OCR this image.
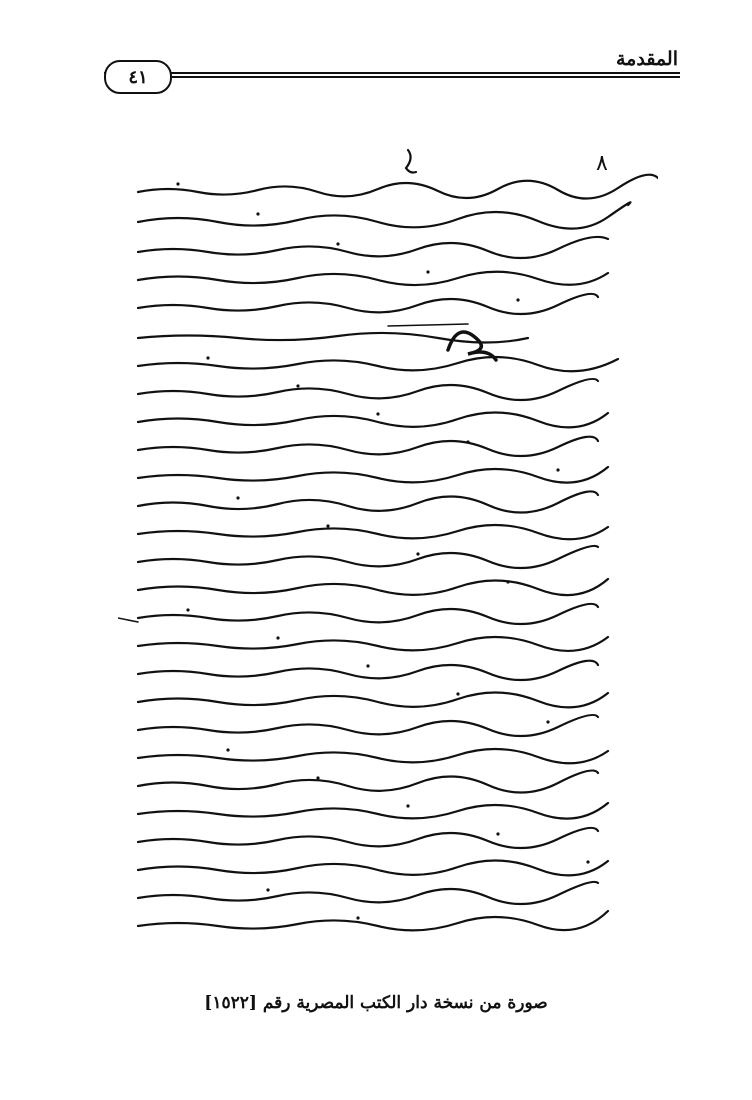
المقدمة
٤١
٨
صورة من نسخة دار الكتب المصرية رقم [١٥٢٢]
